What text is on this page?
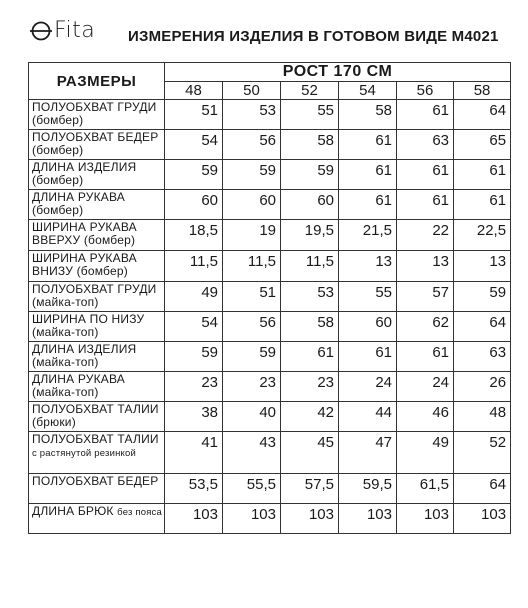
Fita ИЗМЕРЕНИЯ ИЗДЕЛИЯ В ГОТОВОМ ВИДЕ М4021
РАЗМЕРЫ	РОСТ 170 СМ					
	48	50	52	54	56	58
ПОЛУОБХВАТ ГРУДИ (бомбер)	51	53	55	58	61	64
ПОЛУОБХВАТ БЕДЕР (бомбер)	54	56	58	61	63	65
ДЛИНА ИЗДЕЛИЯ (бомбер)	59	59	59	61	61	61
ДЛИНА РУКАВА (бомбер)	60	60	60	61	61	61
ШИРИНА РУКАВА ВВЕРХУ (бомбер)	18,5	19	19,5	21,5	22	22,5
ШИРИНА РУКАВА ВНИЗУ (бомбер)	11,5	11,5	11,5	13	13	13
ПОЛУОБХВАТ ГРУДИ (майка-топ)	49	51	53	55	57	59
ШИРИНА ПО НИЗУ (майка-топ)	54	56	58	60	62	64
ДЛИНА ИЗДЕЛИЯ (майка-топ)	59	59	61	61	61	63
ДЛИНА РУКАВА (майка-топ)	23	23	23	24	24	26
ПОЛУОБХВАТ ТАЛИИ (брюки)	38	40	42	44	46	48
ПОЛУОБХВАТ ТАЛИИ с растянутой резинкой	41	43	45	47	49	52
ПОЛУОБХВАТ БЕДЕР	53,5	55,5	57,5	59,5	61,5	64
ДЛИНА БРЮК без пояса	103	103	103	103	103	103
